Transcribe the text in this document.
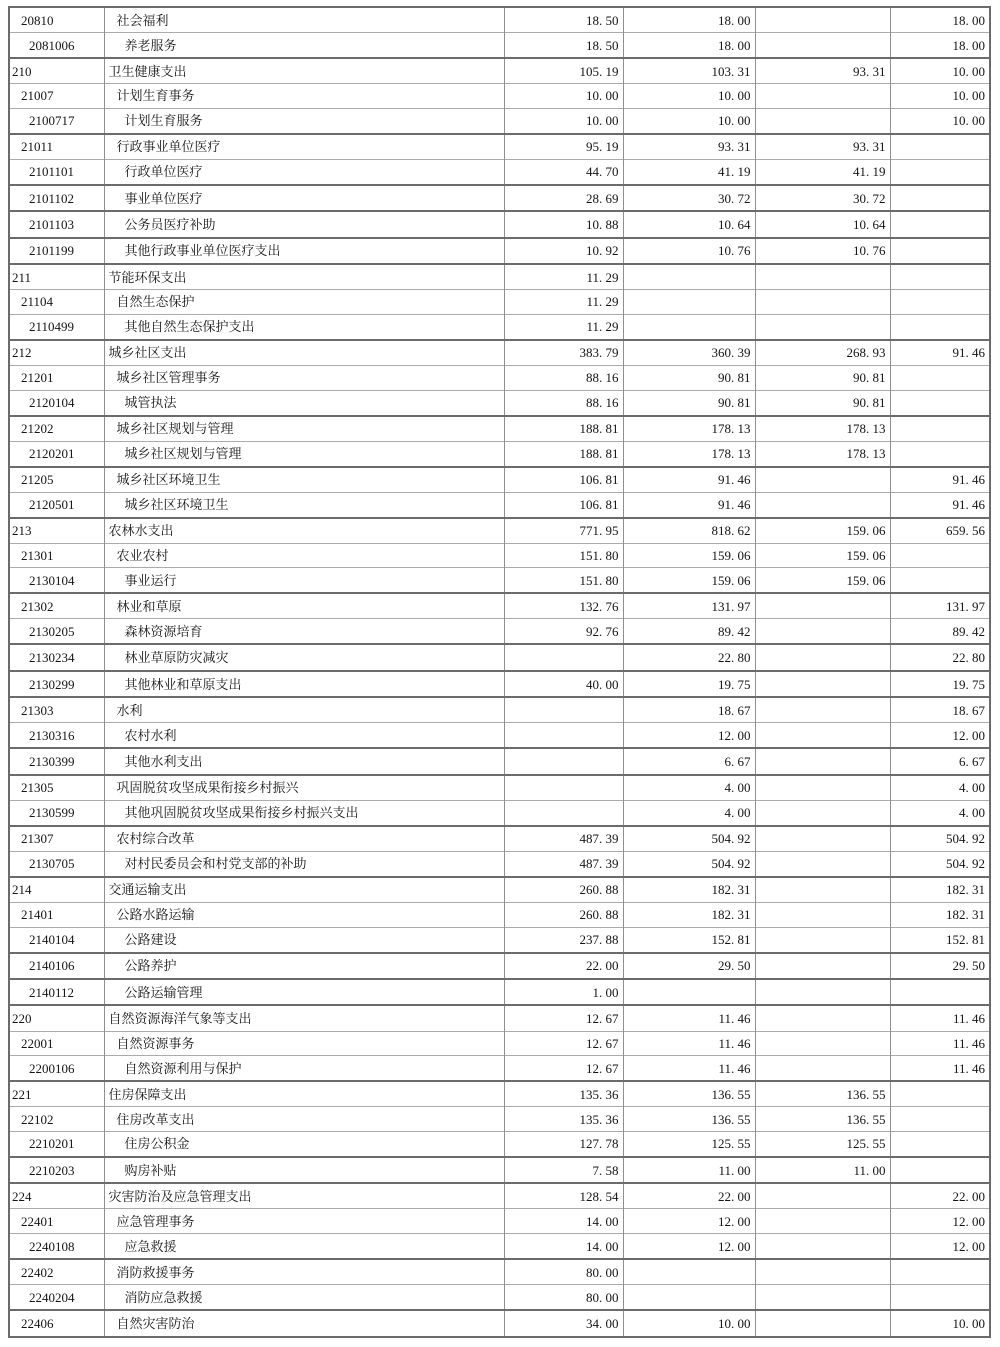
20810	社会福利	18. 50	18. 00		18. 00
2081006	养老服务	18. 50	18. 00		18. 00
210	卫生健康支出	105. 19	103. 31	93. 31	10. 00
21007	计划生育事务	10. 00	10. 00		10. 00
2100717	计划生育服务	10. 00	10. 00		10. 00
21011	行政事业单位医疗	95. 19	93. 31	93. 31	
2101101	行政单位医疗	44. 70	41. 19	41. 19	
2101102	事业单位医疗	28. 69	30. 72	30. 72	
2101103	公务员医疗补助	10. 88	10. 64	10. 64	
2101199	其他行政事业单位医疗支出	10. 92	10. 76	10. 76	
211	节能环保支出	11. 29			
21104	自然生态保护	11. 29			
2110499	其他自然生态保护支出	11. 29			
212	城乡社区支出	383. 79	360. 39	268. 93	91. 46
21201	城乡社区管理事务	88. 16	90. 81	90. 81	
2120104	城管执法	88. 16	90. 81	90. 81	
21202	城乡社区规划与管理	188. 81	178. 13	178. 13	
2120201	城乡社区规划与管理	188. 81	178. 13	178. 13	
21205	城乡社区环境卫生	106. 81	91. 46		91. 46
2120501	城乡社区环境卫生	106. 81	91. 46		91. 46
213	农林水支出	771. 95	818. 62	159. 06	659. 56
21301	农业农村	151. 80	159. 06	159. 06	
2130104	事业运行	151. 80	159. 06	159. 06	
21302	林业和草原	132. 76	131. 97		131. 97
2130205	森林资源培育	92. 76	89. 42		89. 42
2130234	林业草原防灾减灾		22. 80		22. 80
2130299	其他林业和草原支出	40. 00	19. 75		19. 75
21303	水利		18. 67		18. 67
2130316	农村水利		12. 00		12. 00
2130399	其他水利支出		6. 67		6. 67
21305	巩固脱贫攻坚成果衔接乡村振兴		4. 00		4. 00
2130599	其他巩固脱贫攻坚成果衔接乡村振兴支出		4. 00		4. 00
21307	农村综合改革	487. 39	504. 92		504. 92
2130705	对村民委员会和村党支部的补助	487. 39	504. 92		504. 92
214	交通运输支出	260. 88	182. 31		182. 31
21401	公路水路运输	260. 88	182. 31		182. 31
2140104	公路建设	237. 88	152. 81		152. 81
2140106	公路养护	22. 00	29. 50		29. 50
2140112	公路运输管理	1. 00			
220	自然资源海洋气象等支出	12. 67	11. 46		11. 46
22001	自然资源事务	12. 67	11. 46		11. 46
2200106	自然资源利用与保护	12. 67	11. 46		11. 46
221	住房保障支出	135. 36	136. 55	136. 55	
22102	住房改革支出	135. 36	136. 55	136. 55	
2210201	住房公积金	127. 78	125. 55	125. 55	
2210203	购房补贴	7. 58	11. 00	11. 00	
224	灾害防治及应急管理支出	128. 54	22. 00		22. 00
22401	应急管理事务	14. 00	12. 00		12. 00
2240108	应急救援	14. 00	12. 00		12. 00
22402	消防救援事务	80. 00			
2240204	消防应急救援	80. 00			
22406	自然灾害防治	34. 00	10. 00		10. 00
